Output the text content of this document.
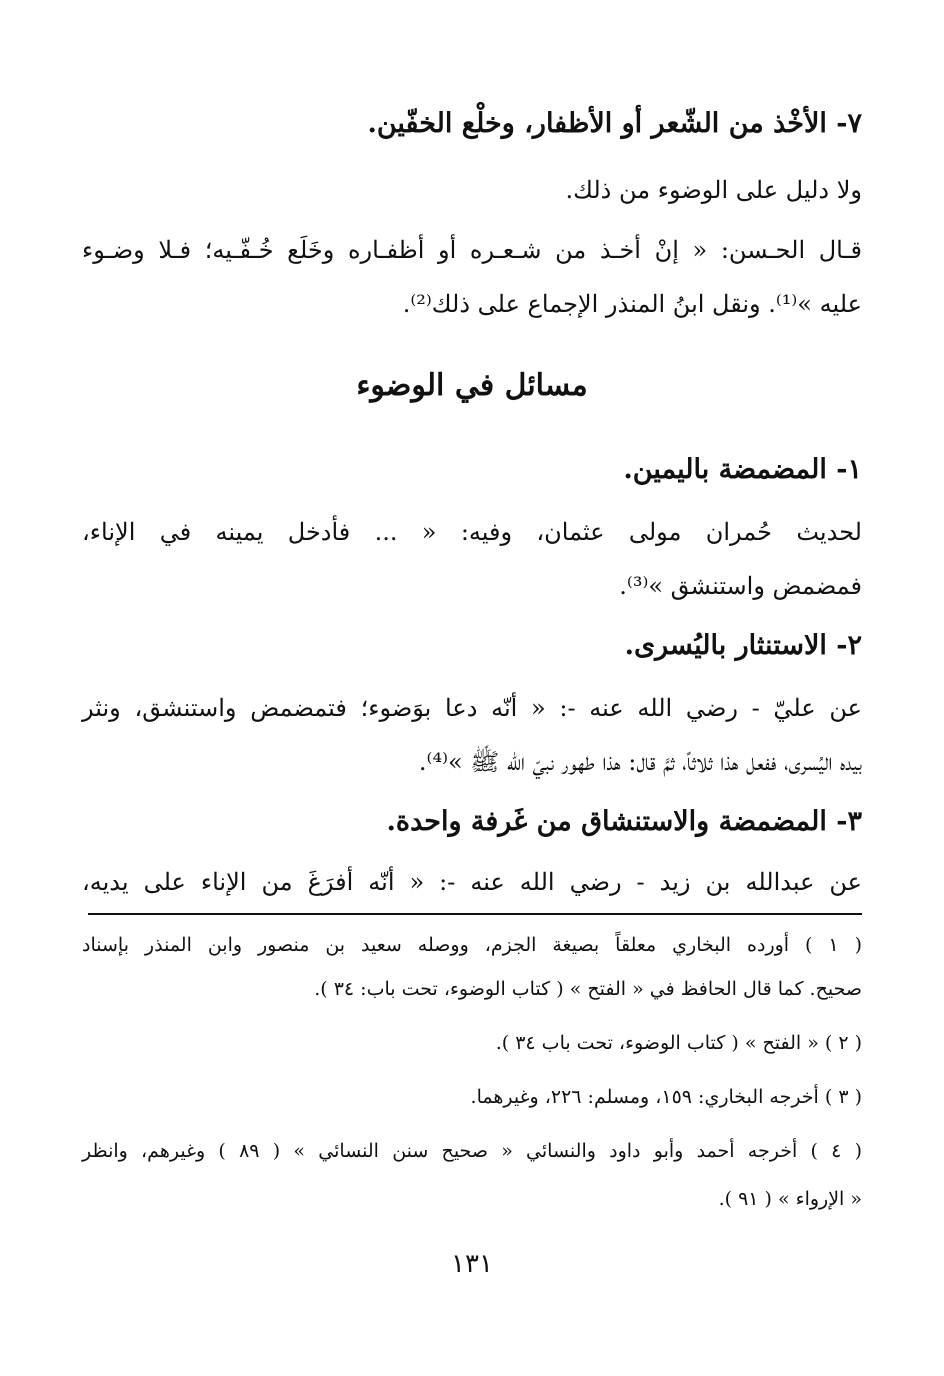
٧- الأخْذ من الشّعر أو الأظفار، وخلْع الخفّين.
ولا دليل على الوضوء من ذلك.
قـال الحـسن: « إنْ أخـذ من شـعـره أو أظفـاره وخَلَع خُـفّـيه؛ فـلا وضـوء
عليه »⁽¹⁾. ونقل ابنُ المنذر الإجماع على ذلك⁽²⁾.
مسائل في الوضوء
١- المضمضة باليمين.
لحديث حُمران مولى عثمان، وفيه: « ... فأدخل يمينه في الإناء،
فمضمض واستنشق »⁽³⁾.
٢- الاستنثار باليُسرى.
عن عليّ - رضي الله عنه -: « أنّه دعا بوَضوء؛ فتمضمض واستنشق، ونثر
بيده اليُسرى، ففعل هذا ثلاثاً، ثمَّ قال: هذا طهور نبيّ الله ﷺ »⁽⁴⁾.
٣- المضمضة والاستنشاق من غَرفة واحدة.
عن عبدالله بن زيد - رضي الله عنه -: « أنّه أفرَغَ من الإناء على يديه،
( ١ ) أورده البخاري معلقاً بصيغة الجزم، ووصله سعيد بن منصور وابن المنذر بإسناد
صحيح. كما قال الحافظ في « الفتح » ( كتاب الوضوء، تحت باب: ٣٤ ).
( ٢ ) « الفتح » ( كتاب الوضوء، تحت باب ٣٤ ).
( ٣ ) أخرجه البخاري: ١٥٩، ومسلم: ٢٢٦، وغيرهما.
( ٤ ) أخرجه أحمد وأبو داود والنسائي « صحيح سنن النسائي » ( ٨٩ ) وغيرهم، وانظر
« الإرواء » ( ٩١ ).
١٣١
